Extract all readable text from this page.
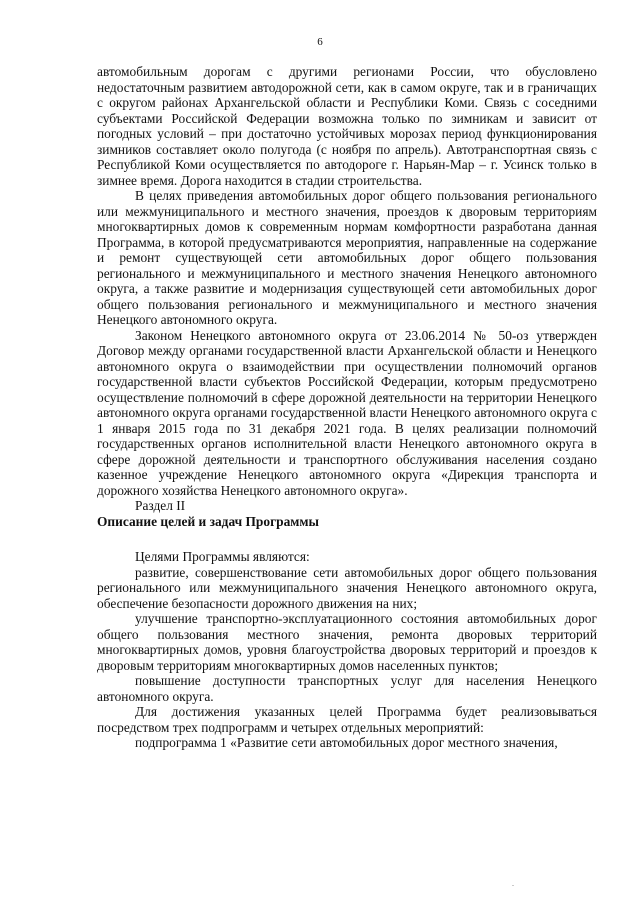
6

автомобильным дорогам с другими регионами России, что обусловлено недостаточным развитием автодорожной сети, как в самом округе, так и в граничащих с округом районах Архангельской области и Республики Коми. Связь с соседними субъектами Российской Федерации возможна только по зимникам и зависит от погодных условий – при достаточно устойчивых морозах период функционирования зимников составляет около полугода (с ноября по апрель). Автотранспортная связь с Республикой Коми осуществляется по автодороге г. Нарьян-Мар – г. Усинск только в зимнее время. Дорога находится в стадии строительства.

В целях приведения автомобильных дорог общего пользования регионального или межмуниципального и местного значения, проездов к дворовым территориям многоквартирных домов к современным нормам комфортности разработана данная Программа, в которой предусматриваются мероприятия, направленные на содержание и ремонт существующей сети автомобильных дорог общего пользования регионального и межмуниципального и местного значения Ненецкого автономного округа, а также развитие и модернизация существующей сети автомобильных дорог общего пользования регионального и межмуниципального и местного значения Ненецкого автономного округа.

Законом Ненецкого автономного округа от 23.06.2014 № 50-оз утвержден Договор между органами государственной власти Архангельской области и Ненецкого автономного округа о взаимодействии при осуществлении полномочий органов государственной власти субъектов Российской Федерации, которым предусмотрено осуществление полномочий в сфере дорожной деятельности на территории Ненецкого автономного округа органами государственной власти Ненецкого автономного округа с 1 января 2015 года по 31 декабря 2021 года. В целях реализации полномочий государственных органов исполнительной власти Ненецкого автономного округа в сфере дорожной деятельности и транспортного обслуживания населения создано казенное учреждение Ненецкого автономного округа «Дирекция транспорта и дорожного хозяйства Ненецкого автономного округа».

Раздел II

Описание целей и задач Программы

Целями Программы являются:

развитие, совершенствование сети автомобильных дорог общего пользования регионального или межмуниципального значения Ненецкого автономного округа, обеспечение безопасности дорожного движения на них;

улучшение транспортно-эксплуатационного состояния автомобильных дорог общего пользования местного значения, ремонта дворовых территорий многоквартирных домов, уровня благоустройства дворовых территорий и проездов к дворовым территориям многоквартирных домов населенных пунктов;

повышение доступности транспортных услуг для населения Ненецкого автономного округа.

Для достижения указанных целей Программа будет реализовываться посредством трех подпрограмм и четырех отдельных мероприятий:

подпрограмма 1 «Развитие сети автомобильных дорог местного значения,

.
